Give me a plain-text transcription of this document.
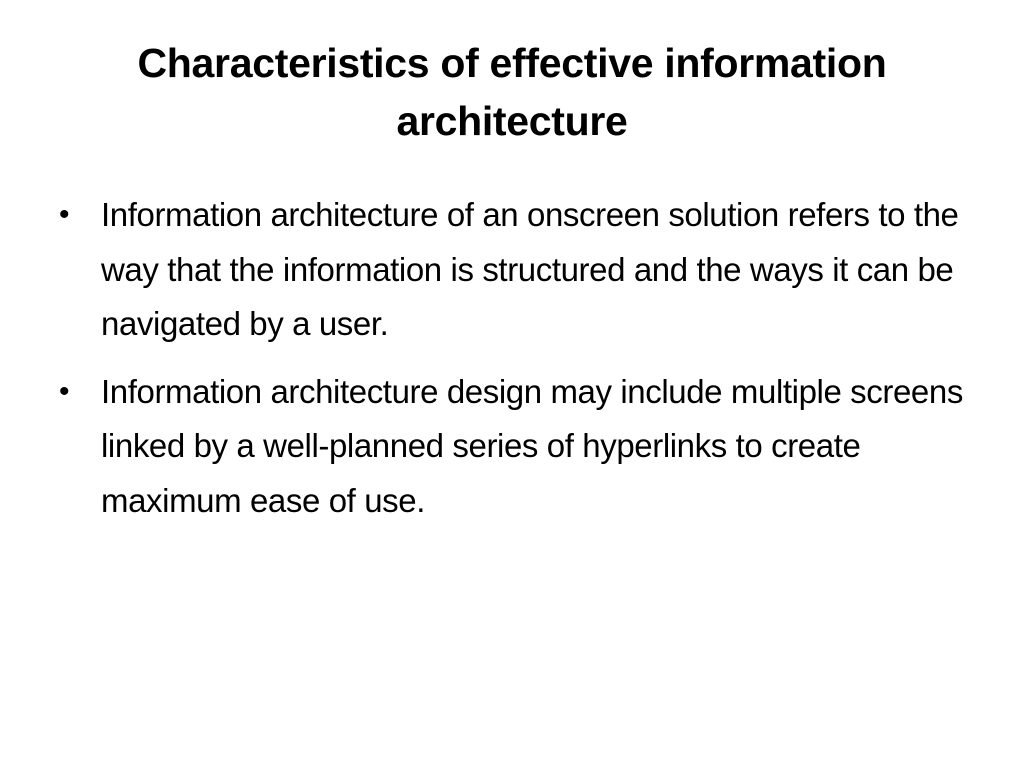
Characteristics of effective information architecture
• Information architecture of an onscreen solution refers to the way that the information is structured and the ways it can be navigated by a user.
• Information architecture design may include multiple screens linked by a well-planned series of hyperlinks to create maximum ease of use.
